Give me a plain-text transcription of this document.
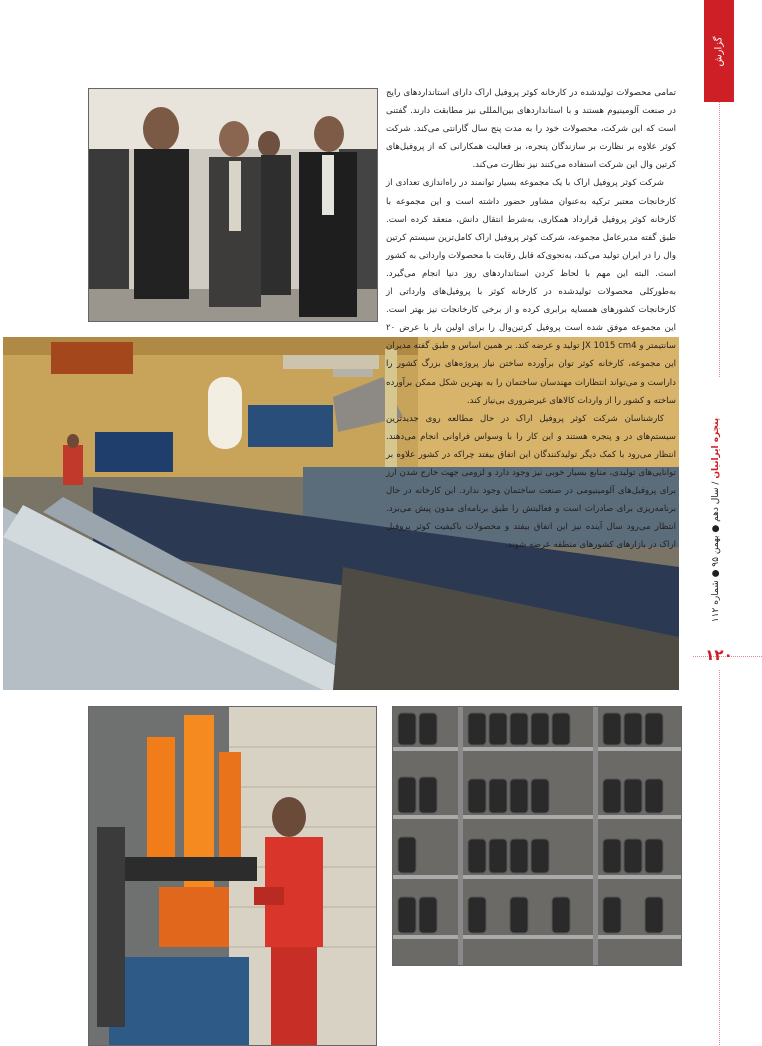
گزارش
پنجره ایرانیان / سال دهم ● بهمن ۹۵ ● شماره ۱۱۲
۱۲۰

تمامی محصولات تولیدشده در کارخانه کوثر پروفیل اراک دارای استانداردهای رایج در صنعت آلومینیوم هستند و با استانداردهای بین‌المللی نیز مطابقت دارند. گفتنی است که این شرکت، محصولات خود را به مدت پنج سال گارانتی می‌کند. شرکت کوثر علاوه بر نظارت بر سازندگان پنجره، بر فعالیت همکارانی که از پروفیل‌های کرتین وال این شرکت استفاده می‌کنند نیز نظارت می‌کند.

شرکت کوثر پروفیل اراک با یک مجموعه بسیار توانمند در راه‌اندازی تعدادی از کارخانجات معتبر ترکیه به‌عنوان مشاور حضور داشته است و این مجموعه با کارخانه کوثر پروفیل قرارداد همکاری، به‌شرط انتقال دانش، منعقد کرده است. طبق گفته مدیرعامل مجموعه، شرکت کوثر پروفیل اراک کامل‌ترین سیستم کرتین وال را در ایران تولید می‌کند، به‌نحوی‌که قابل رقابت با محصولات وارداتی به کشور است. البته این مهم با لحاظ کردن استانداردهای روز دنیا انجام می‌گیرد. به‌طورکلی محصولات تولیدشده در کارخانه کوثر با پروفیل‌های وارداتی از کارخانجات کشورهای همسایه برابری کرده و از برخی کارخانجات نیز بهتر است. این مجموعه موفق شده است پروفیل کرتین‌وال را برای اولین بار با عرض ۲۰ سانتیمتر و JX 1015 cm4 تولید و عرضه کند. بر همین اساس و طبق گفته مدیران این مجموعه، کارخانه کوثر توان برآورده ساختن نیاز پروژه‌های بزرگ کشور را داراست و می‌تواند انتظارات مهندسان ساختمان را به بهترین شکل ممکن برآورده ساخته و کشور را از واردات کالاهای غیرضروری بی‌نیاز کند.

کارشناسان شرکت کوثر پروفیل اراک در حال مطالعه روی جدیدترین سیستم‌های در و پنجره هستند و این کار را با وسواس فراوانی انجام می‌دهند. انتظار می‌رود با کمک دیگر تولیدکنندگان این اتفاق بیفتد چراکه در کشور علاوه بر توانایی‌های تولیدی، منابع بسیار خوبی نیز وجود دارد و لزومی جهت خارج شدن ارز برای پروفیل‌های آلومینیومی در صنعت ساختمان وجود ندارد. این کارخانه در حال برنامه‌ریزی برای صادرات است و فعالیتش را طبق برنامه‌ای مدون پیش می‌برد. انتظار می‌رود سال آینده نیز این اتفاق بیفتد و محصولات باکیفیت کوثر پروفیل اراک در بازارهای کشورهای منطقه عرضه شوند.
